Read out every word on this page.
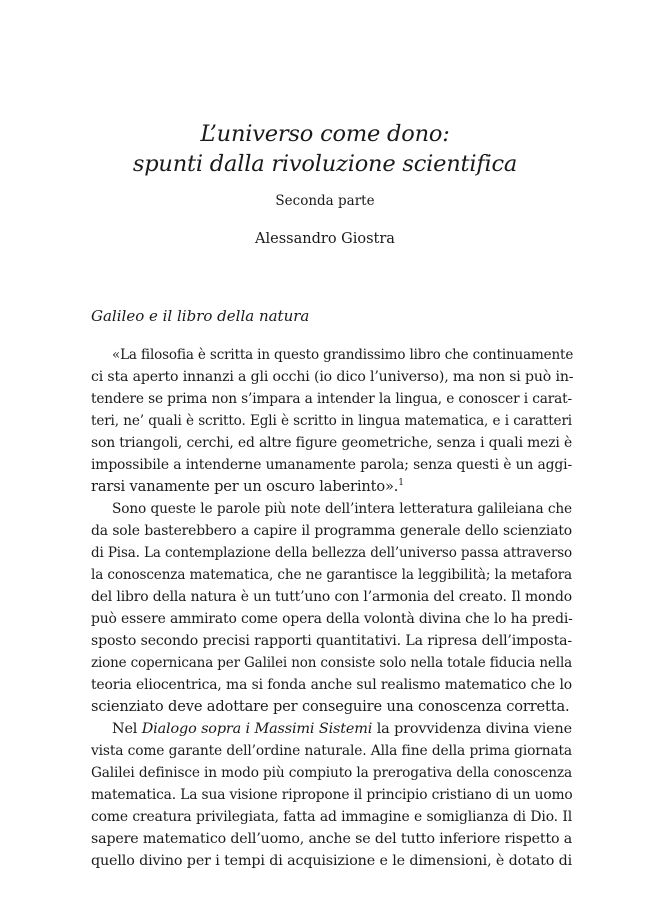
L’universo come dono:
spunti dalla rivoluzione scientifica
Seconda parte
Alessandro Giostra
Galileo e il libro della natura
«La filosofia è scritta in questo grandissimo libro che continuamente
ci sta aperto innanzi a gli occhi (io dico l’universo), ma non si può in-
tendere se prima non s’impara a intender la lingua, e conoscer i carat-
teri, ne’ quali è scritto. Egli è scritto in lingua matematica, e i caratteri
son triangoli, cerchi, ed altre figure geometriche, senza i quali mezi è
impossibile a intenderne umanamente parola; senza questi è un aggi-
rarsi vanamente per un oscuro laberinto».$^1$
Sono queste le parole più note dell’intera letteratura galileiana che
da sole basterebbero a capire il programma generale dello scienziato
di Pisa. La contemplazione della bellezza dell’universo passa attraverso
la conoscenza matematica, che ne garantisce la leggibilità; la metafora
del libro della natura è un tutt’uno con l’armonia del creato. Il mondo
può essere ammirato come opera della volontà divina che lo ha predi-
sposto secondo precisi rapporti quantitativi. La ripresa dell’imposta-
zione copernicana per Galilei non consiste solo nella totale fiducia nella
teoria eliocentrica, ma si fonda anche sul realismo matematico che lo
scienziato deve adottare per conseguire una conoscenza corretta.
Nel Dialogo sopra i Massimi Sistemi la provvidenza divina viene
vista come garante dell’ordine naturale. Alla fine della prima giornata
Galilei definisce in modo più compiuto la prerogativa della conoscenza
matematica. La sua visione ripropone il principio cristiano di un uomo
come creatura privilegiata, fatta ad immagine e somiglianza di Dio. Il
sapere matematico dell’uomo, anche se del tutto inferiore rispetto a
quello divino per i tempi di acquisizione e le dimensioni, è dotato di
